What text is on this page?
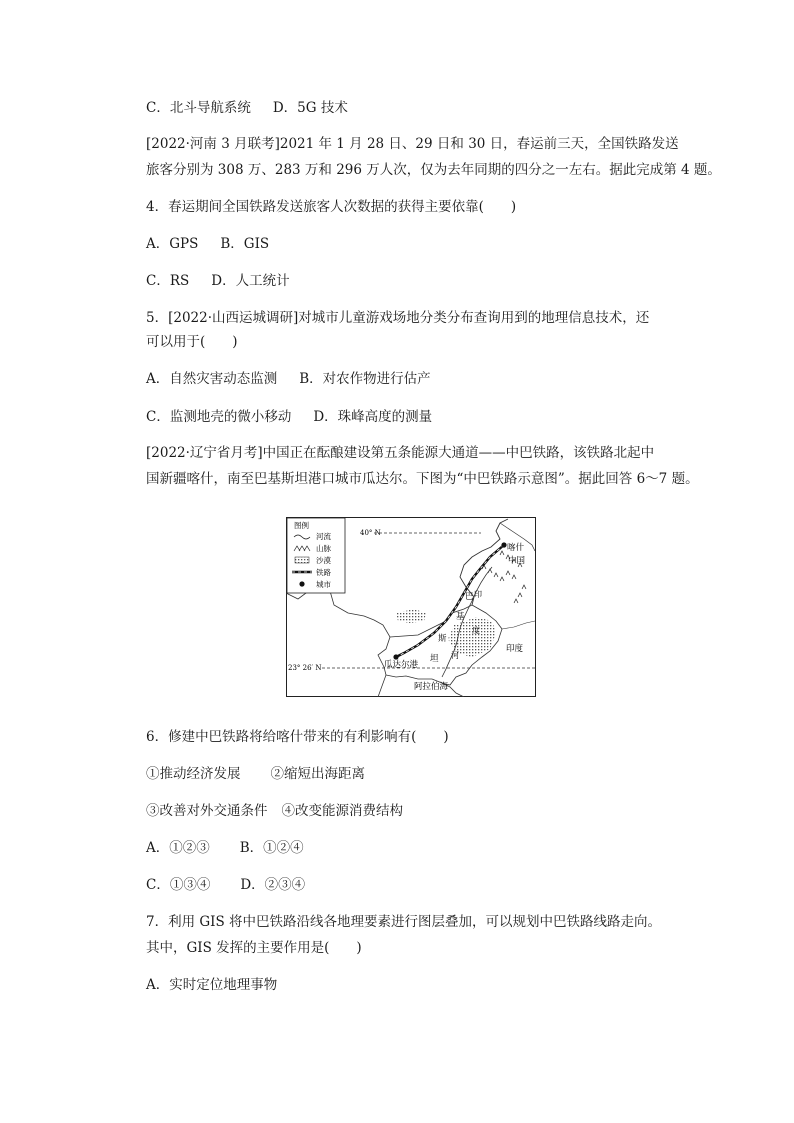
C．北斗导航系统 D．5G 技术
[2022·河南 3 月联考]2021 年 1 月 28 日、29 日和 30 日，春运前三天，全国铁路发送
旅客分别为 308 万、283 万和 296 万人次，仅为去年同期的四分之一左右。据此完成第 4 题。
4．春运期间全国铁路发送旅客人次数据的获得主要依靠(　　)
A．GPS B．GIS
C．RS D．人工统计
5．[2022·山西运城调研]对城市儿童游戏场地分类分布查询用到的地理信息技术，还
可以用于(　　)
A．自然灾害动态监测 B．对农作物进行估产
C．监测地壳的微小移动 D．珠峰高度的测量
[2022·辽宁省月考]中国正在酝酿建设第五条能源大通道——中巴铁路，该铁路北起中
国新疆喀什，南至巴基斯坦港口城市瓜达尔。下图为“中巴铁路示意图”。据此回答 6～7 题。
40° N
23° 26′ N
喀什
中国
巴
基
斯
坦
印
度
河
印度
瓜达尔港
阿拉伯海
图例
河流
山脉
沙漠
铁路
城市
6．修建中巴铁路将给喀什带来的有利影响有(　　)
①推动经济发展 ②缩短出海距离
③改善对外交通条件 ④改变能源消费结构
A．①②③ B．①②④
C．①③④ D．②③④
7．利用 GIS 将中巴铁路沿线各地理要素进行图层叠加，可以规划中巴铁路线路走向。
其中，GIS 发挥的主要作用是(　　)
A．实时定位地理事物
